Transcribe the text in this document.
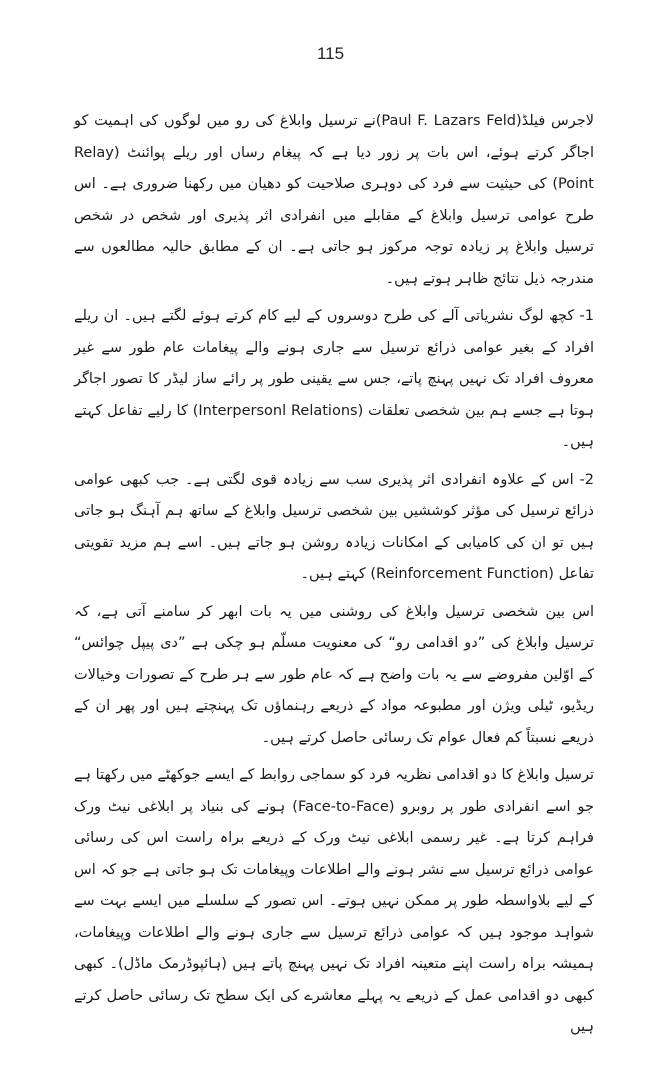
115

لاجرس فیلڈ(Paul F. Lazars Feld)نے ترسیل وابلاغ کی رو میں لوگوں کی اہمیت کو اجاگر کرتے ہوئے، اس بات پر زور دیا ہے کہ پیغام رساں اور ریلے پوائنٹ (Relay Point) کی حیثیت سے فرد کی دوہری صلاحیت کو دھیان میں رکھنا ضروری ہے۔ اس طرح عوامی ترسیل وابلاغ کے مقابلے میں انفرادی اثر پذیری اور شخص در شخص ترسیل وابلاغ پر زیادہ توجہ مرکوز ہو جاتی ہے۔ ان کے مطابق حالیہ مطالعوں سے مندرجہ ذیل نتائج ظاہر ہوتے ہیں۔

1- کچھ لوگ نشریاتی آلے کی طرح دوسروں کے لیے کام کرتے ہوئے لگتے ہیں۔ ان ریلے افراد کے بغیر عوامی ذرائع ترسیل سے جاری ہونے والے پیغامات عام طور سے غیر معروف افراد تک نہیں پہنچ پاتے، جس سے یقینی طور پر رائے ساز لیڈر کا تصور اجاگر ہوتا ہے جسے ہم بین شخصی تعلقات (Interpersonl Relations) کا رلیے تفاعل کہتے ہیں۔

2- اس کے علاوہ انفرادی اثر پذیری سب سے زیادہ قوی لگتی ہے۔ جب کبھی عوامی ذرائع ترسیل کی مؤثر کوششیں بین شخصی ترسیل وابلاغ کے ساتھ ہم آہنگ ہو جاتی ہیں تو ان کی کامیابی کے امکانات زیادہ روشن ہو جاتے ہیں۔ اسے ہم مزید تقویتی تفاعل (Reinforcement Function) کہتے ہیں۔

اس بین شخصی ترسیل وابلاغ کی روشنی میں یہ بات ابھر کر سامنے آتی ہے، کہ ترسیل وابلاغ کی ”دو اقدامی رو“ کی معنویت مسلّم ہو چکی ہے ”دی پیپل چوائس“ کے اوّلین مفروضے سے یہ بات واضح ہے کہ عام طور سے ہر طرح کے تصورات وخیالات ریڈیو، ٹیلی ویژن اور مطبوعہ مواد کے ذریعے رہنماؤں تک پہنچتے ہیں اور پھر ان کے ذریعے نسبتاً کم فعال عوام تک رسائی حاصل کرتے ہیں۔

ترسیل وابلاغ کا دو اقدامی نظریہ فرد کو سماجی روابط کے ایسے جوکھٹے میں رکھتا ہے جو اسے انفرادی طور پر روبرو (Face-to-Face) ہونے کی بنیاد پر ابلاغی نیٹ ورک فراہم کرتا ہے۔ غیر رسمی ابلاغی نیٹ ورک کے ذریعے براہ راست اس کی رسائی عوامی ذرائع ترسیل سے نشر ہونے والے اطلاعات وپیغامات تک ہو جاتی ہے جو کہ اس کے لیے بلاواسطہ طور پر ممکن نہیں ہوتے۔ اس تصور کے سلسلے میں ایسے بہت سے شواہد موجود ہیں کہ عوامی ذرائع ترسیل سے جاری ہونے والے اطلاعات وپیغامات، ہمیشہ براہ راست اپنے متعینہ افراد تک نہیں پہنچ پاتے ہیں (ہائپوڈرمک ماڈل)۔ کبھی کبھی دو اقدامی عمل کے ذریعے یہ پہلے معاشرے کی ایک سطح تک رسائی حاصل کرتے ہیں
